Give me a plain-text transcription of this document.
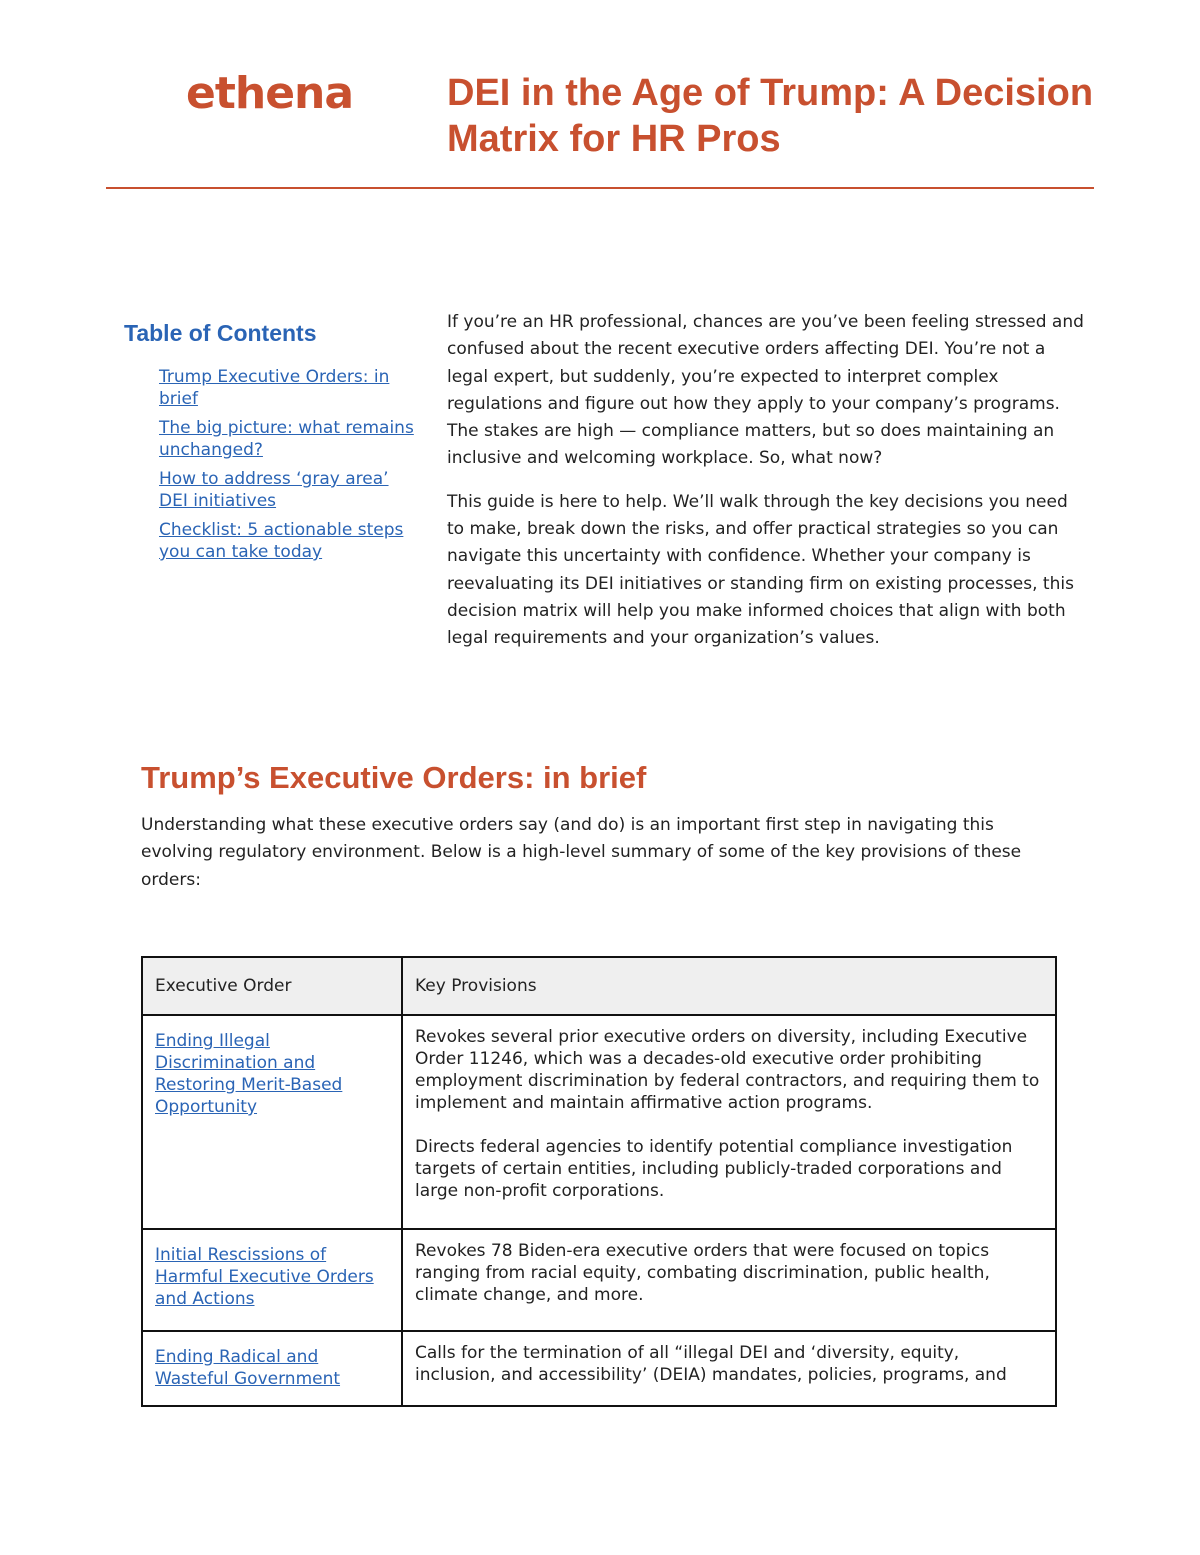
ethena DEI in the Age of Trump: A Decision Matrix for HR Pros
Table of Contents
Trump Executive Orders: in brief
The big picture: what remains unchanged?
How to address ‘gray area’ DEI initiatives
Checklist: 5 actionable steps you can take today

If you’re an HR professional, chances are you’ve been feeling stressed and confused about the recent executive orders affecting DEI. You’re not a legal expert, but suddenly, you’re expected to interpret complex regulations and figure out how they apply to your company’s programs. The stakes are high — compliance matters, but so does maintaining an inclusive and welcoming workplace. So, what now?

This guide is here to help. We’ll walk through the key decisions you need to make, break down the risks, and offer practical strategies so you can navigate this uncertainty with confidence. Whether your company is reevaluating its DEI initiatives or standing firm on existing processes, this decision matrix will help you make informed choices that align with both legal requirements and your organization’s values.

Trump’s Executive Orders: in brief

Understanding what these executive orders say (and do) is an important first step in navigating this evolving regulatory environment. Below is a high-level summary of some of the key provisions of these orders:

Executive Order	Key Provisions
Ending Illegal Discrimination and Restoring Merit-Based Opportunity	Revokes several prior executive orders on diversity, including Executive Order 11246, which was a decades-old executive order prohibiting employment discrimination by federal contractors, and requiring them to implement and maintain affirmative action programs.

Directs federal agencies to identify potential compliance investigation targets of certain entities, including publicly-traded corporations and large non-profit corporations.

Initial Rescissions of Harmful Executive Orders and Actions	Revokes 78 Biden-era executive orders that were focused on topics ranging from racial equity, combating discrimination, public health, climate change, and more.

Ending Radical and Wasteful Government	Calls for the termination of all “illegal DEI and ‘diversity, equity, inclusion, and accessibility’ (DEIA) mandates, policies, programs, and
